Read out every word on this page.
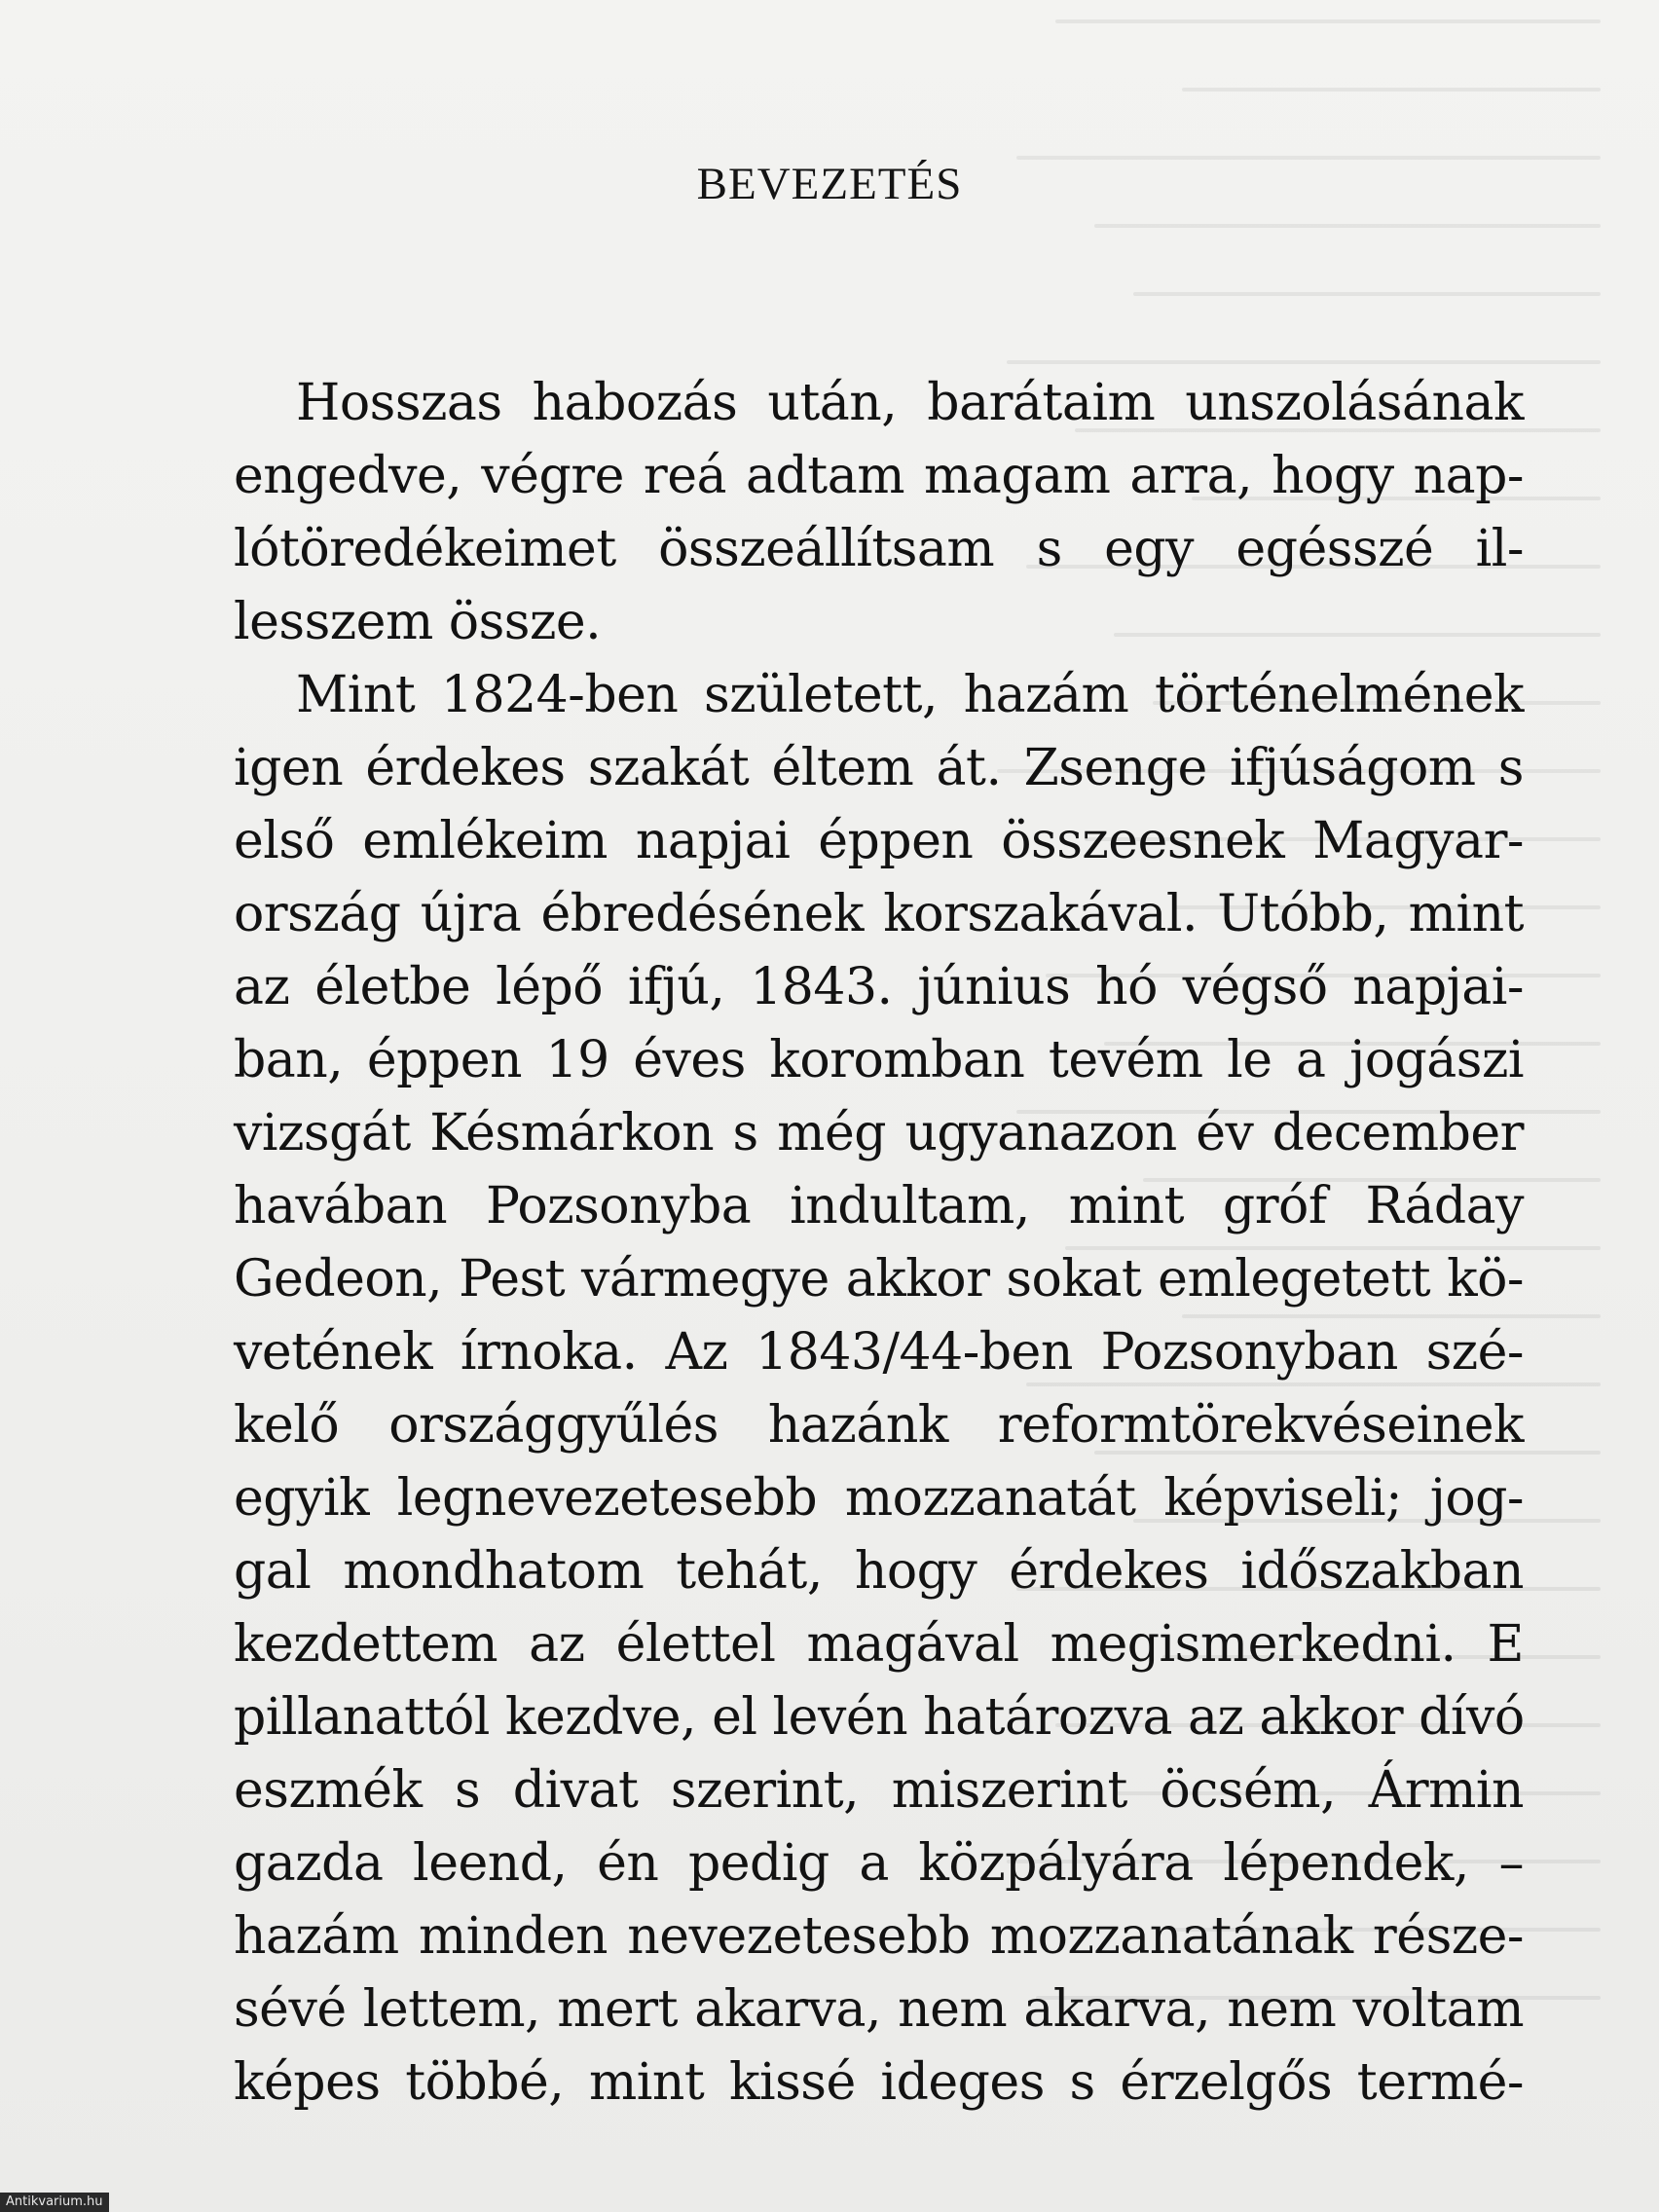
BEVEZETÉS
Hosszas habozás után, barátaim unszolásának
engedve, végre reá adtam magam arra, hogy nap-
lótöredékeimet összeállítsam s egy egésszé il-
lesszem össze.
Mint 1824-ben született, hazám történelmének
igen érdekes szakát éltem át. Zsenge ifjúságom s
első emlékeim napjai éppen összeesnek Magyar-
ország újra ébredésének korszakával. Utóbb, mint
az életbe lépő ifjú, 1843. június hó végső napjai-
ban, éppen 19 éves koromban tevém le a jogászi
vizsgát Késmárkon s még ugyanazon év december
havában Pozsonyba indultam, mint gróf Ráday
Gedeon, Pest vármegye akkor sokat emlegetett kö-
vetének írnoka. Az 1843/44-ben Pozsonyban szé-
kelő országgyűlés hazánk reformtörekvéseinek
egyik legnevezetesebb mozzanatát képviseli; jog-
gal mondhatom tehát, hogy érdekes időszakban
kezdettem az élettel magával megismerkedni. E
pillanattól kezdve, el levén határozva az akkor dívó
eszmék s divat szerint, miszerint öcsém, Ármin
gazda leend, én pedig a közpályára lépendek, –
hazám minden nevezetesebb mozzanatának része-
sévé lettem, mert akarva, nem akarva, nem voltam
képes többé, mint kissé ideges s érzelgős termé-
Antikvarium.hu
